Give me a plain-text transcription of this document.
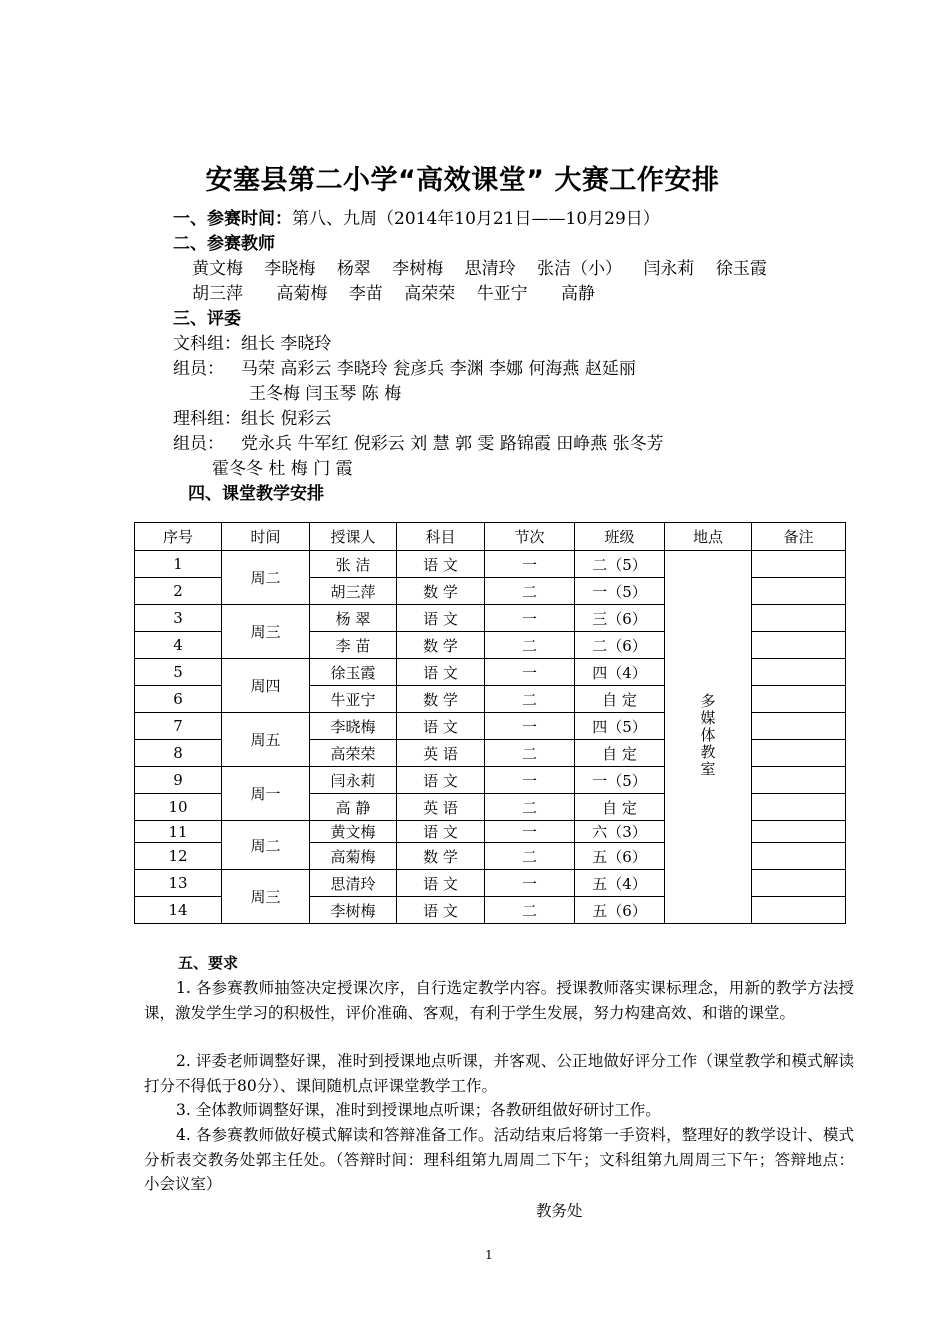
安塞县第二小学“高效课堂” 大赛工作安排
一、参赛时间：第八、九周（2014年10月21日——10月29日）
二、参赛教师
黄文梅 李晓梅 杨翠 李树梅 思清玲 张洁（小） 闫永莉 徐玉霞
胡三萍 高菊梅 李苗 高荣荣 牛亚宁 高静
三、评委
文科组：组长 李晓玲
组员： 马荣 高彩云 李晓玲 瓮彦兵 李渊 李娜 何海燕 赵延丽
王冬梅 闫玉琴 陈 梅
理科组：组长 倪彩云
组员： 党永兵 牛军红 倪彩云 刘 慧 郭 雯 路锦霞 田峥燕 张冬芳
霍冬冬 杜 梅 门 霞
四、课堂教学安排
序号	时间	授课人	科目	节次	班级	地点	备注
1	周二	张 洁	语 文	一	二（5）	多媒体教室	
2		胡三萍	数 学	二	一（5）		
3	周三	杨 翠	语 文	一	三（6）		
4		李 苗	数 学	二	二（6）		
5	周四	徐玉霞	语 文	一	四（4）		
6		牛亚宁	数 学	二	自 定		
7	周五	李晓梅	语 文	一	四（5）		
8		高荣荣	英 语	二	自 定		
9	周一	闫永莉	语 文	一	一（5）		
10		高 静	英 语	二	自 定		
11	周二	黄文梅	语 文	一	六（3）		
12		高菊梅	数 学	二	五（6）		
13	周三	思清玲	语 文	一	五（4）		
14		李树梅	语 文	二	五（6）		
五、要求
1. 各参赛教师抽签决定授课次序，自行选定教学内容。授课教师落实课标理念，用新的教学方法授课，激发学生学习的积极性，评价准确、客观，有利于学生发展，努力构建高效、和谐的课堂。
2. 评委老师调整好课，准时到授课地点听课，并客观、公正地做好评分工作（课堂教学和模式解读打分不得低于80分）、课间随机点评课堂教学工作。
3. 全体教师调整好课，准时到授课地点听课；各教研组做好研讨工作。
4. 各参赛教师做好模式解读和答辩准备工作。活动结束后将第一手资料，整理好的教学设计、模式分析表交教务处郭主任处。（答辩时间：理科组第九周周二下午；文科组第九周周三下午；答辩地点： 小会议室）
教务处
1
